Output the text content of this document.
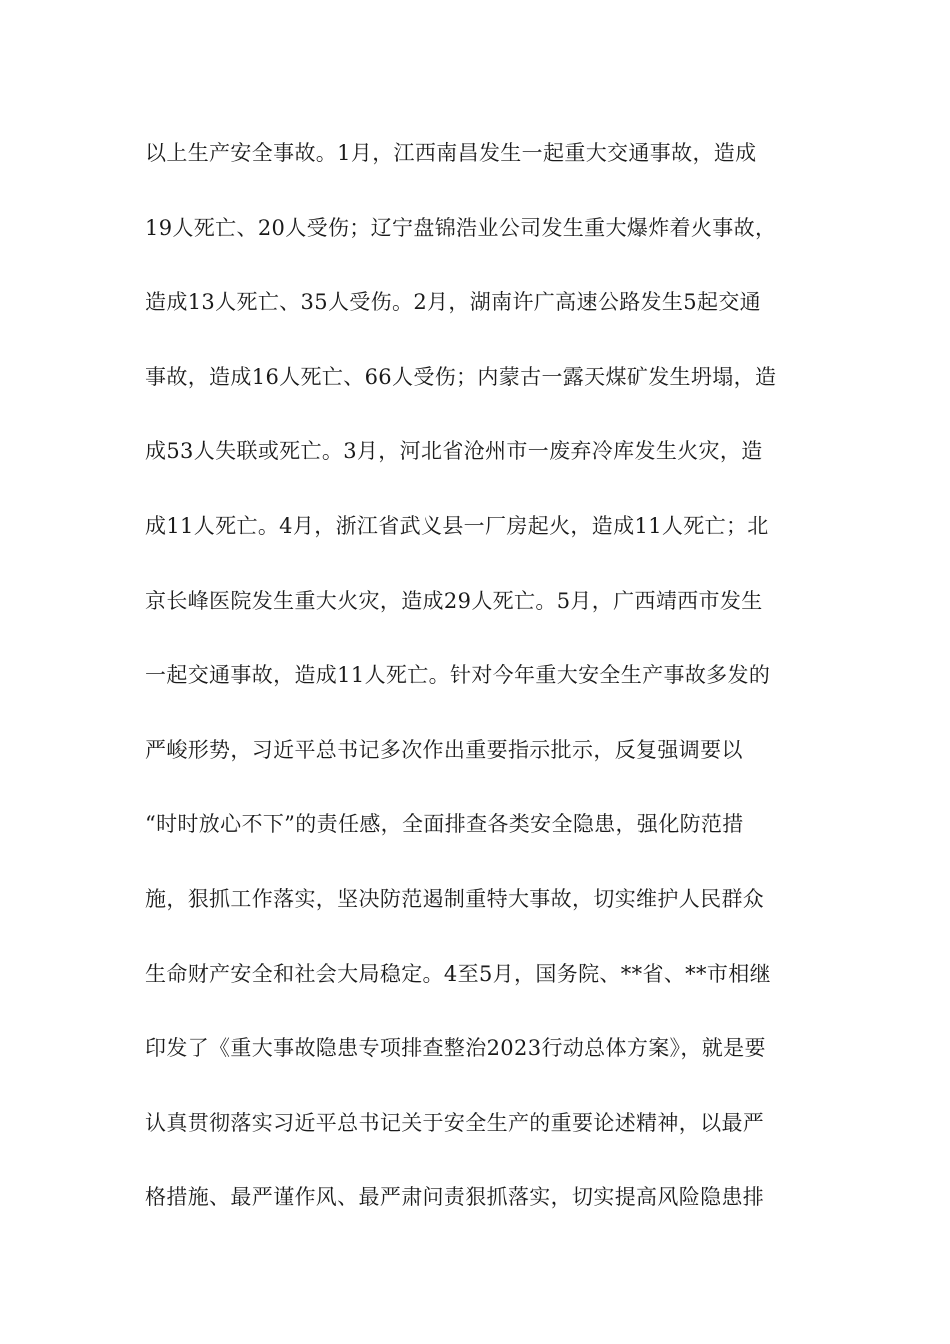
以上生产安全事故。1月，江西南昌发生一起重大交通事故，造成
19人死亡、20人受伤；辽宁盘锦浩业公司发生重大爆炸着火事故，
造成13人死亡、35人受伤。2月，湖南许广高速公路发生5起交通
事故，造成16人死亡、66人受伤；内蒙古一露天煤矿发生坍塌，造
成53人失联或死亡。3月，河北省沧州市一废弃冷库发生火灾，造
成11人死亡。4月，浙江省武义县一厂房起火，造成11人死亡；北
京长峰医院发生重大火灾，造成29人死亡。5月，广西靖西市发生
一起交通事故，造成11人死亡。针对今年重大安全生产事故多发的
严峻形势，习近平总书记多次作出重要指示批示，反复强调要以
“时时放心不下”的责任感，全面排查各类安全隐患，强化防范措
施，狠抓工作落实，坚决防范遏制重特大事故，切实维护人民群众
生命财产安全和社会大局稳定。4至5月，国务院、**省、**市相继
印发了《重大事故隐患专项排查整治2023行动总体方案》，就是要
认真贯彻落实习近平总书记关于安全生产的重要论述精神，以最严
格措施、最严谨作风、最严肃问责狠抓落实，切实提高风险隐患排
